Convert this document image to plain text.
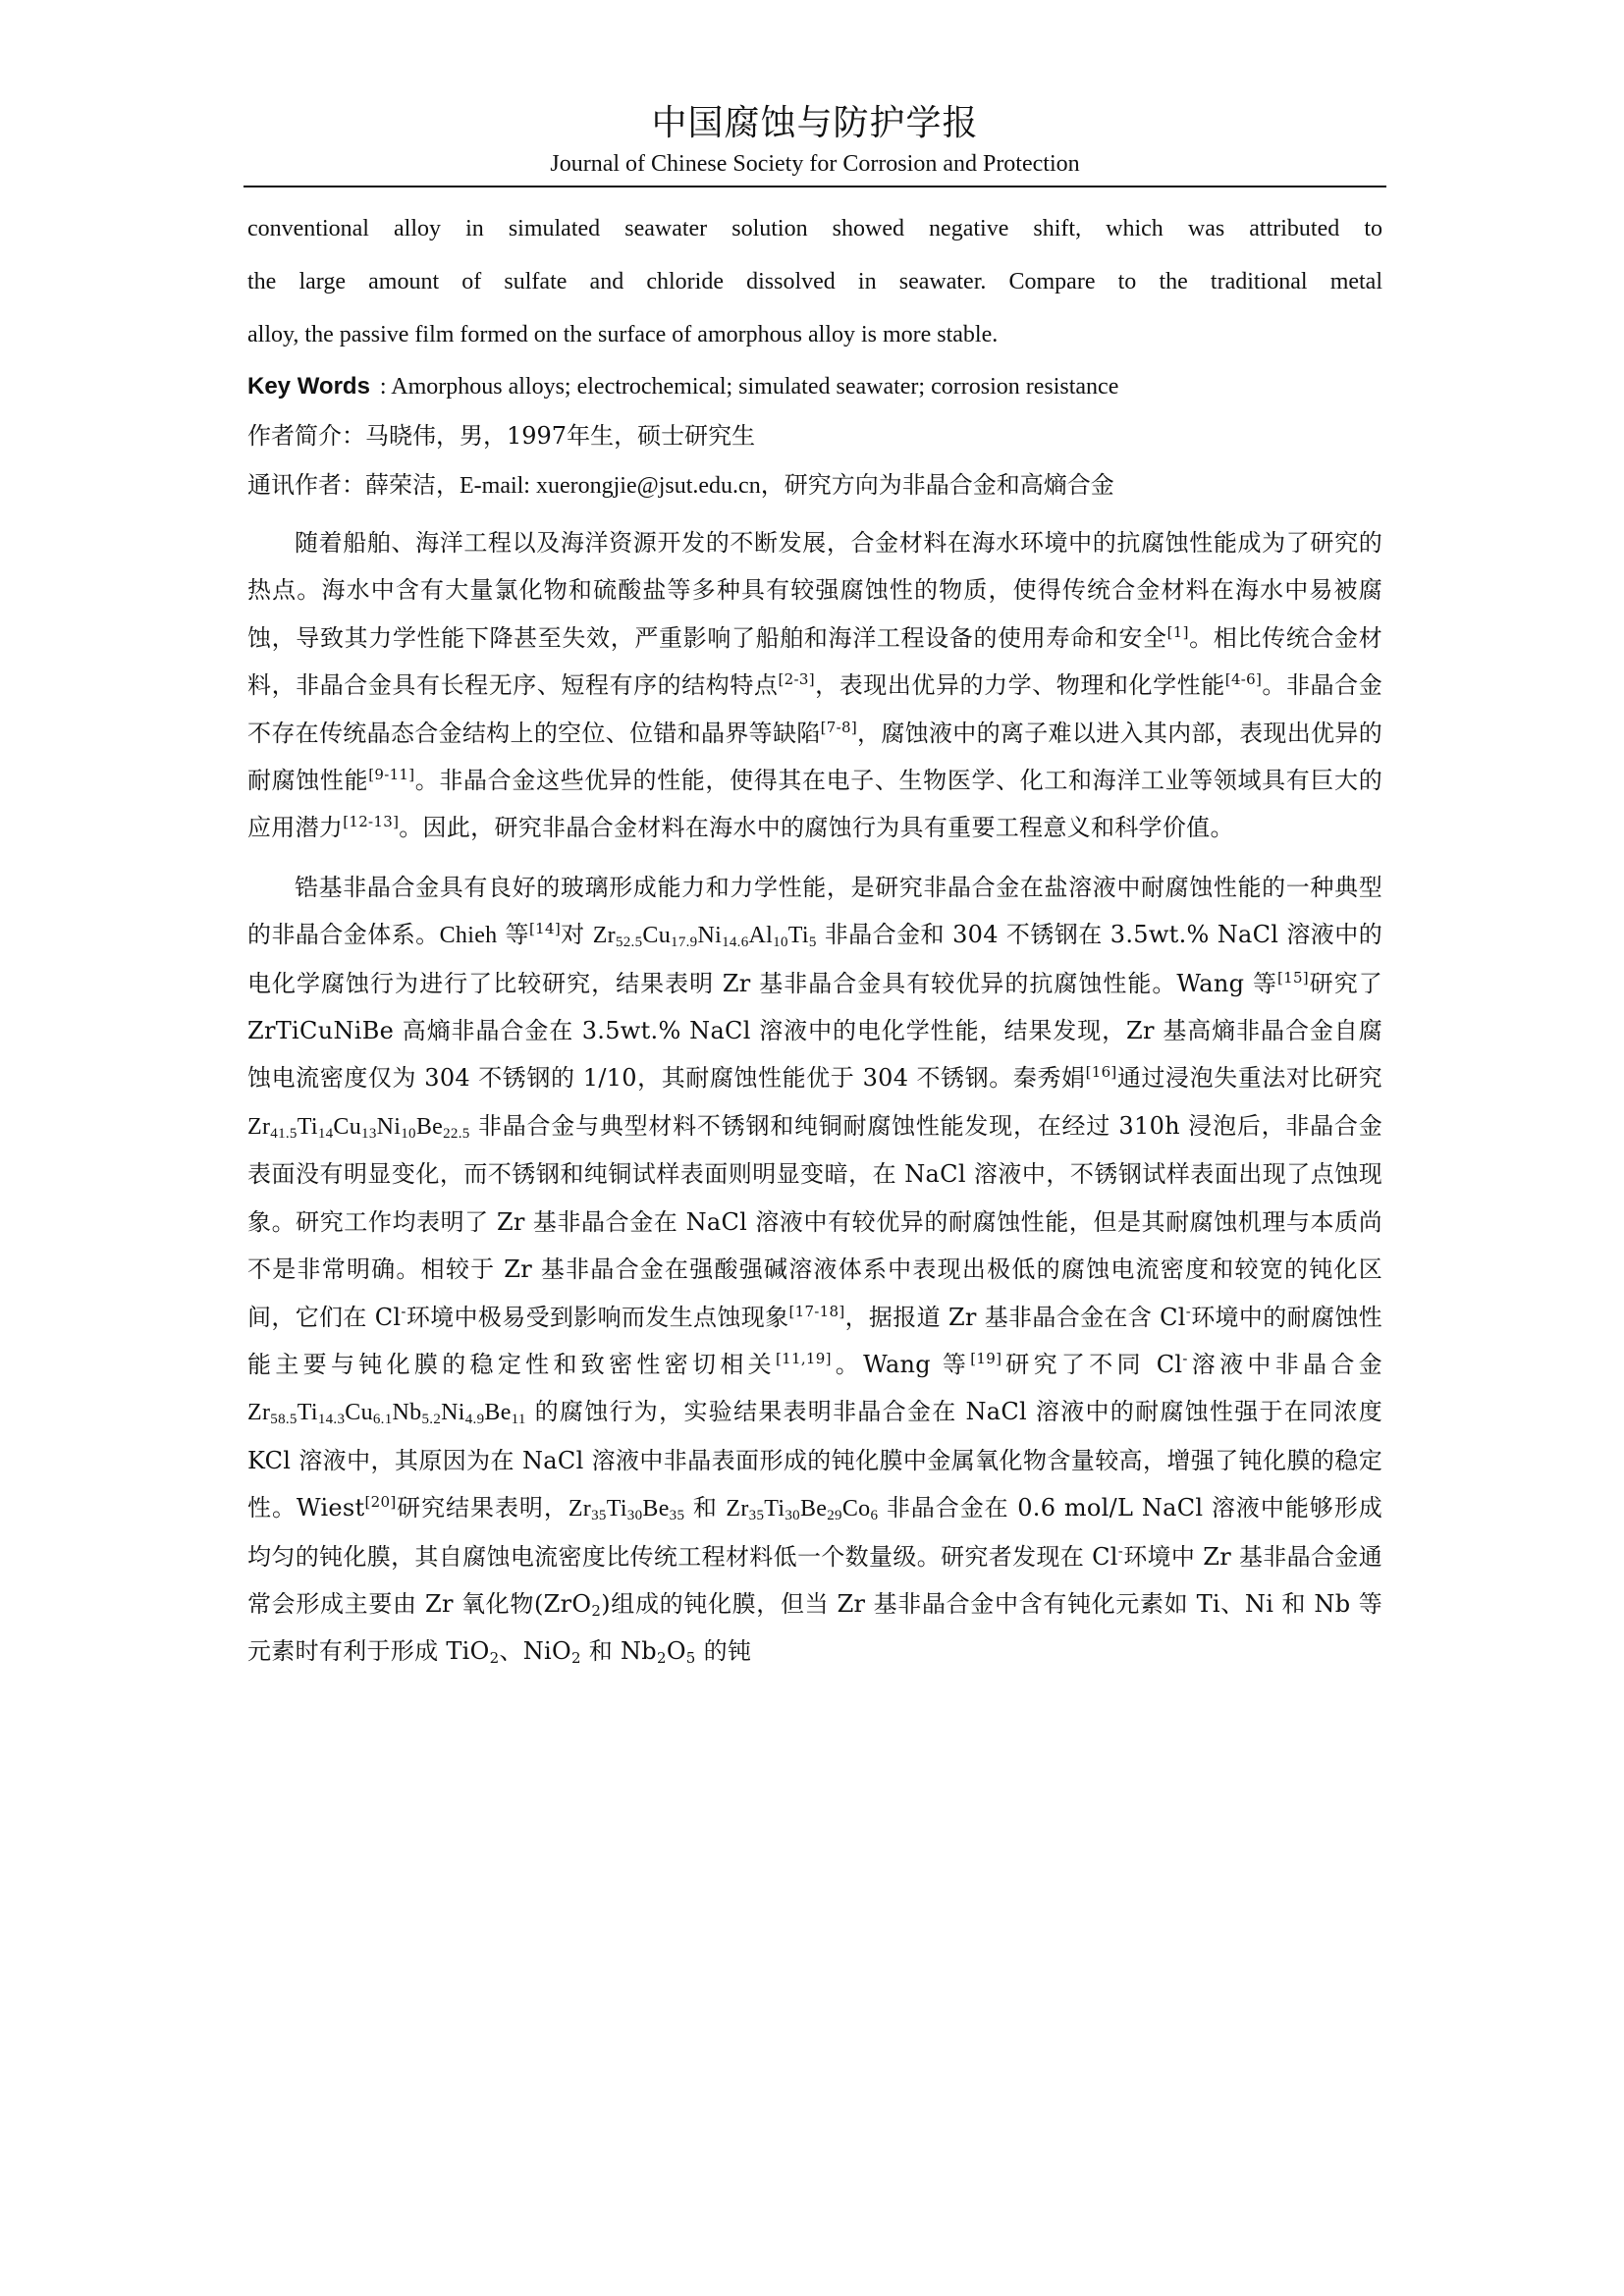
中国腐蚀与防护学报
Journal of Chinese Society for Corrosion and Protection
conventional alloy in simulated seawater solution showed negative shift, which was attributed to
the large amount of sulfate and chloride dissolved in seawater. Compare to the traditional metal
alloy, the passive film formed on the surface of amorphous alloy is more stable.
Key Words : Amorphous alloys; electrochemical; simulated seawater; corrosion resistance
作者简介：马晓伟，男，1997年生，硕士研究生
通讯作者：薛荣洁，E-mail: xuerongjie@jsut.edu.cn，研究方向为非晶合金和高熵合金
随着船舶、海洋工程以及海洋资源开发的不断发展，合金材料在海水环境中的抗腐蚀性能成为了研究的热点。海水中含有大量氯化物和硫酸盐等多种具有较强腐蚀性的物质，使得传统合金材料在海水中易被腐蚀，导致其力学性能下降甚至失效，严重影响了船舶和海洋工程设备的使用寿命和安全[1]。相比传统合金材料，非晶合金具有长程无序、短程有序的结构特点[2-3]，表现出优异的力学、物理和化学性能[4-6]。非晶合金不存在传统晶态合金结构上的空位、位错和晶界等缺陷[7-8]，腐蚀液中的离子难以进入其内部，表现出优异的耐腐蚀性能[9-11]。非晶合金这些优异的性能，使得其在电子、生物医学、化工和海洋工业等领域具有巨大的应用潜力[12-13]。因此，研究非晶合金材料在海水中的腐蚀行为具有重要工程意义和科学价值。
锆基非晶合金具有良好的玻璃形成能力和力学性能，是研究非晶合金在盐溶液中耐腐蚀性能的一种典型的非晶合金体系。Chieh 等[14]对 $Zr_{52.5}Cu_{17.9}Ni_{14.6}Al_{10}Ti_5$ 非晶合金和 304 不锈钢在 3.5wt.% NaCl 溶液中的电化学腐蚀行为进行了比较研究，结果表明 Zr 基非晶合金具有较优异的抗腐蚀性能。Wang 等[15]研究了 ZrTiCuNiBe 高熵非晶合金在 3.5wt.% NaCl 溶液中的电化学性能，结果发现，Zr 基高熵非晶合金自腐蚀电流密度仅为 304 不锈钢的 1/10，其耐腐蚀性能优于 304 不锈钢。秦秀娟[16]通过浸泡失重法对比研究 $Zr_{41.5}Ti_{14}Cu_{13}Ni_{10}Be_{22.5}$ 非晶合金与典型材料不锈钢和纯铜耐腐蚀性能发现，在经过 310h 浸泡后，非晶合金表面没有明显变化，而不锈钢和纯铜试样表面则明显变暗，在 NaCl 溶液中，不锈钢试样表面出现了点蚀现象。研究工作均表明了 Zr 基非晶合金在 NaCl 溶液中有较优异的耐腐蚀性能，但是其耐腐蚀机理与本质尚不是非常明确。相较于 Zr 基非晶合金在强酸强碱溶液体系中表现出极低的腐蚀电流密度和较宽的钝化区间，它们在 Cl-环境中极易受到影响而发生点蚀现象[17-18]，据报道 Zr 基非晶合金在含 Cl-环境中的耐腐蚀性能主要与钝化膜的稳定性和致密性密切相关[11,19]。Wang 等[19]研究了不同 Cl-溶液中非晶合金 $Zr_{58.5}Ti_{14.3}Cu_{6.1}Nb_{5.2}Ni_{4.9}Be_{11}$ 的腐蚀行为，实验结果表明非晶合金在 NaCl 溶液中的耐腐蚀性强于在同浓度 KCl 溶液中，其原因为在 NaCl 溶液中非晶表面形成的钝化膜中金属氧化物含量较高，增强了钝化膜的稳定性。Wiest[20]研究结果表明，$Zr_{35}Ti_{30}Be_{35}$ 和 $Zr_{35}Ti_{30}Be_{29}Co_6$ 非晶合金在 0.6 mol/L NaCl 溶液中能够形成均匀的钝化膜，其自腐蚀电流密度比传统工程材料低一个数量级。研究者发现在 Cl-环境中 Zr 基非晶合金通常会形成主要由 Zr 氧化物(ZrO$_2$)组成的钝化膜，但当 Zr 基非晶合金中含有钝化元素如 Ti、Ni 和 Nb 等元素时有利于形成 TiO$_2$、NiO$_2$ 和 $Nb_2O_5$ 的钝
